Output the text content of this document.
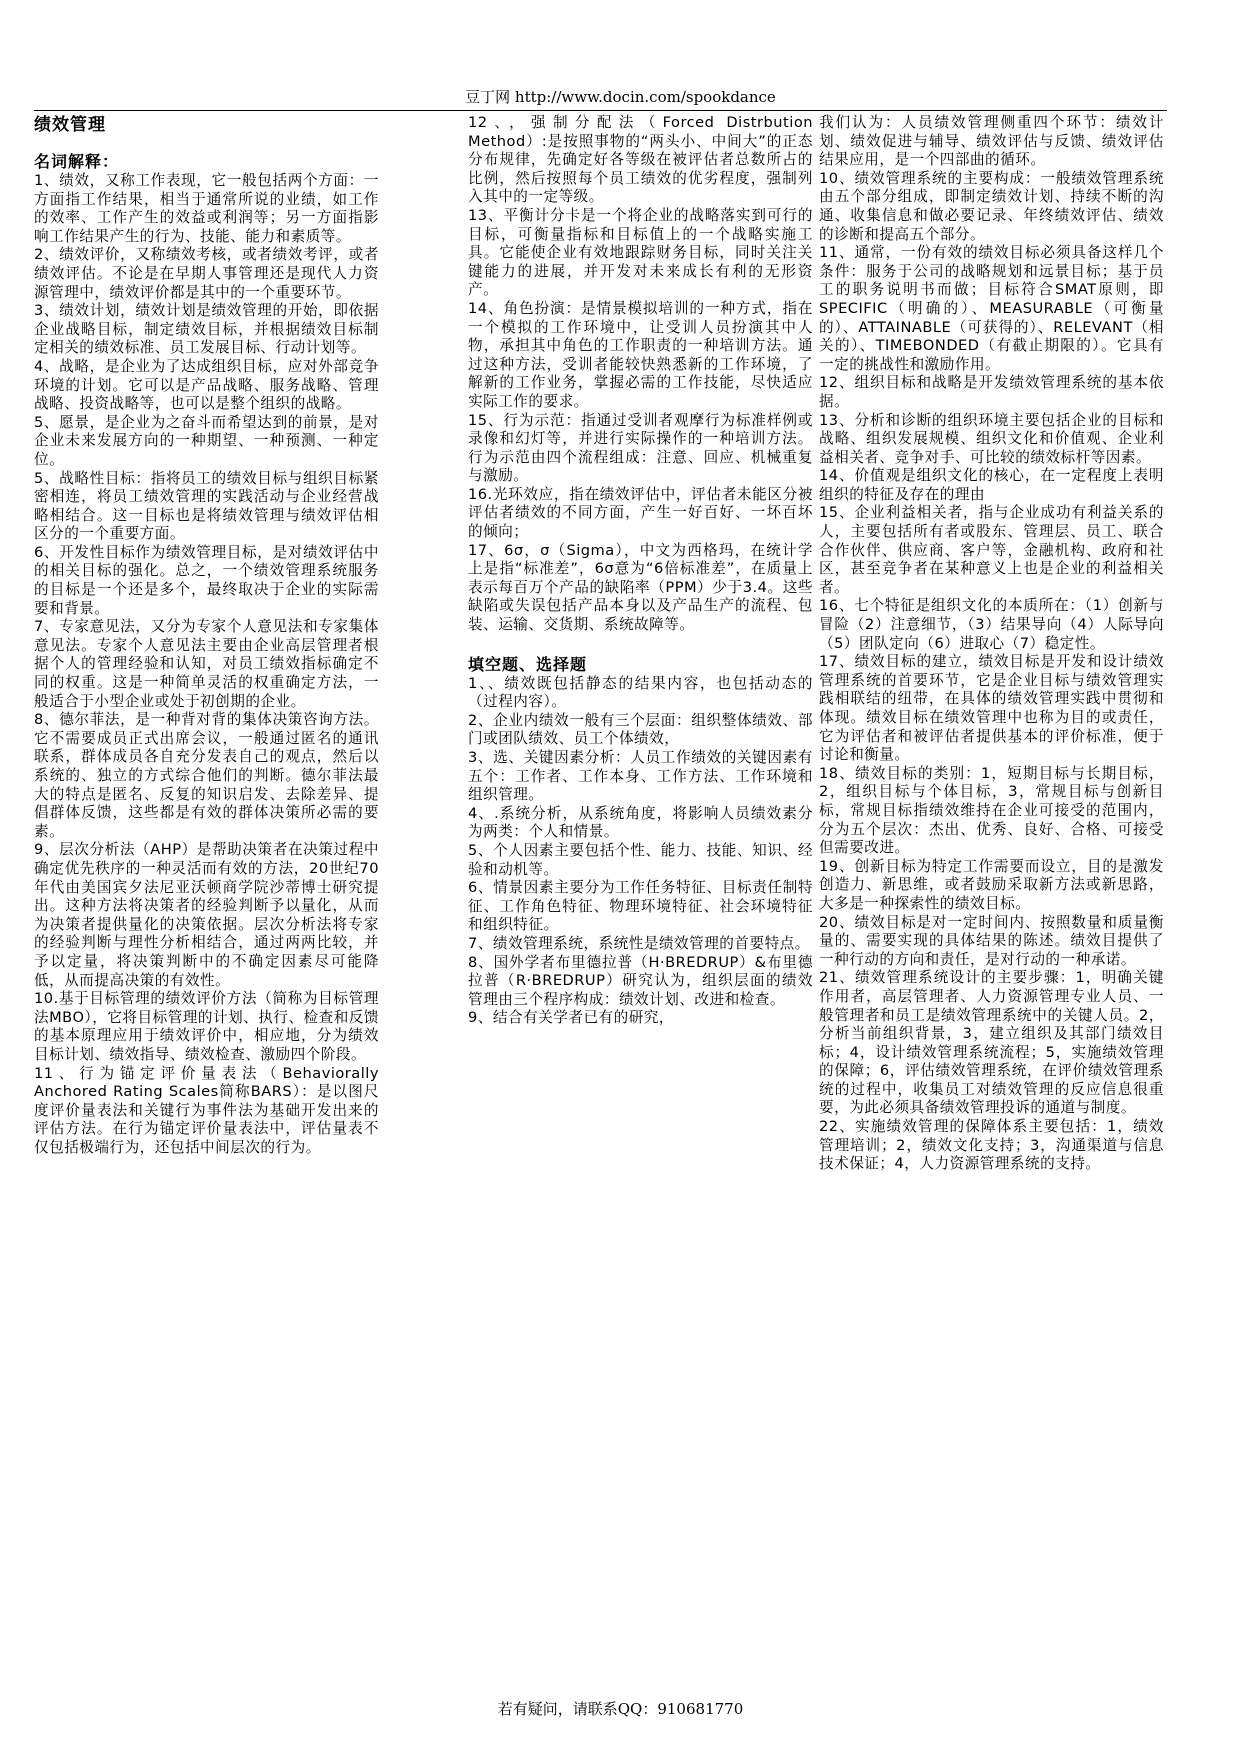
豆丁网 http://www.docin.com/spookdance
绩效管理
名词解释：

1、绩效，又称工作表现，它一般包括两个方面：一方面指工作结果，相当于通常所说的业绩，如工作的效率、工作产生的效益或利润等；另一方面指影响工作结果产生的行为、技能、能力和素质等。

2、绩效评价，又称绩效考核，或者绩效考评，或者绩效评估。不论是在早期人事管理还是现代人力资源管理中，绩效评价都是其中的一个重要环节。

3、绩效计划，绩效计划是绩效管理的开始，即依据企业战略目标，制定绩效目标，并根据绩效目标制定相关的绩效标准、员工发展目标、行动计划等。

4、战略，是企业为了达成组织目标，应对外部竞争环境的计划。它可以是产品战略、服务战略、管理战略、投资战略等，也可以是整个组织的战略。

5、愿景，是企业为之奋斗而希望达到的前景，是对企业未来发展方向的一种期望、一种预测、一种定位。

5、战略性目标：指将员工的绩效目标与组织目标紧密相连，将员工绩效管理的实践活动与企业经营战略相结合。这一目标也是将绩效管理与绩效评估相区分的一个重要方面。

6、开发性目标作为绩效管理目标，是对绩效评估中的相关目标的强化。总之，一个绩效管理系统服务的目标是一个还是多个，最终取决于企业的实际需要和背景。

7、专家意见法，又分为专家个人意见法和专家集体意见法。专家个人意见法主要由企业高层管理者根据个人的管理经验和认知，对员工绩效指标确定不同的权重。这是一种简单灵活的权重确定方法，一般适合于小型企业或处于初创期的企业。

8、德尔菲法，是一种背对背的集体决策咨询方法。它不需要成员正式出席会议，一般通过匿名的通讯联系，群体成员各自充分发表自己的观点，然后以系统的、独立的方式综合他们的判断。德尔菲法最大的特点是匿名、反复的知识启发、去除差异、提倡群体反馈，这些都是有效的群体决策所必需的要素。

9、层次分析法（AHP）是帮助决策者在决策过程中确定优先秩序的一种灵活而有效的方法，20世纪70年代由美国宾夕法尼亚沃顿商学院沙蒂博士研究提出。这种方法将决策者的经验判断予以量化，从而为决策者提供量化的决策依据。层次分析法将专家的经验判断与理性分析相结合，通过两两比较，并予以定量，将决策判断中的不确定因素尽可能降低，从而提高决策的有效性。

10.基于目标管理的绩效评价方法（简称为目标管理法MBO），它将目标管理的计划、执行、检查和反馈的基本原理应用于绩效评价中，相应地，分为绩效目标计划、绩效指导、绩效检查、激励四个阶段。

11、行为锚定评价量表法（Behaviorally Anchored Rating Scales简称BARS）：是以图尺度评价量表法和关键行为事件法为基础开发出来的评估方法。在行为锚定评价量表法中，评估量表不仅包括极端行为，还包括中间层次的行为。

12、，强制分配法（Forced Distrbution Method）:是按照事物的“两头小、中间大”的正态分布规律，先确定好各等级在被评估者总数所占的比例，然后按照每个员工绩效的优劣程度，强制列入其中的一定等级。

13、平衡计分卡是一个将企业的战略落实到可行的目标，可衡量指标和目标值上的一个战略实施工具。它能使企业有效地跟踪财务目标，同时关注关键能力的进展，并开发对未来成长有利的无形资产。

14、角色扮演：是情景模拟培训的一种方式，指在一个模拟的工作环境中，让受训人员扮演其中人物，承担其中角色的工作职责的一种培训方法。通过这种方法，受训者能较快熟悉新的工作环境，了解新的工作业务，掌握必需的工作技能，尽快适应实际工作的要求。

15、行为示范：指通过受训者观摩行为标准样例或录像和幻灯等，并进行实际操作的一种培训方法。行为示范由四个流程组成：注意、回应、机械重复与激励。

16.光环效应，指在绩效评估中，评估者未能区分被评估者绩效的不同方面，产生一好百好、一坏百坏的倾向；

17、6σ，σ（Sigma），中文为西格玛，在统计学上是指“标准差”，6σ意为“6倍标准差”，在质量上表示每百万个产品的缺陷率（PPM）少于3.4。这些缺陷或失误包括产品本身以及产品生产的流程、包装、运输、交货期、系统故障等。

填空题、选择题

1、、绩效既包括静态的结果内容，也包括动态的（过程内容）。

2、企业内绩效一般有三个层面：组织整体绩效、部门或团队绩效、员工个体绩效，

3、选、关键因素分析：人员工作绩效的关键因素有五个：工作者、工作本身、工作方法、工作环境和组织管理。

4、.系统分析，从系统角度，将影响人员绩效素分为两类：个人和情景。

5、个人因素主要包括个性、能力、技能、知识、经验和动机等。

6、情景因素主要分为工作任务特征、目标责任制特征、工作角色特征、物理环境特征、社会环境特征和组织特征。

7、绩效管理系统，系统性是绩效管理的首要特点。

8、国外学者布里德拉普（H·BREDRUP）&布里德拉普（R·BREDRUP）研究认为，组织层面的绩效管理由三个程序构成：绩效计划、改进和检查。

9、结合有关学者已有的研究，

我们认为：人员绩效管理侧重四个环节：绩效计划、绩效促进与辅导、绩效评估与反馈、绩效评估结果应用，是一个四部曲的循环。

10、绩效管理系统的主要构成：一般绩效管理系统由五个部分组成，即制定绩效计划、持续不断的沟通、收集信息和做必要记录、年终绩效评估、绩效的诊断和提高五个部分。

11、通常，一份有效的绩效目标必须具备这样几个条件：服务于公司的战略规划和远景目标；基于员工的职务说明书而做；目标符合SMAT原则，即SPECIFIC（明确的）、MEASURABLE（可衡量的）、ATTAINABLE（可获得的）、RELEVANT（相关的）、TIMEBONDED（有截止期限的）。它具有一定的挑战性和激励作用。

12、组织目标和战略是开发绩效管理系统的基本依据。

13、分析和诊断的组织环境主要包括企业的目标和战略、组织发展规模、组织文化和价值观、企业利益相关者、竞争对手、可比较的绩效标杆等因素。

14、价值观是组织文化的核心，在一定程度上表明组织的特征及存在的理由

15、企业利益相关者，指与企业成功有利益关系的人，主要包括所有者或股东、管理层、员工、联合合作伙伴、供应商、客户等，金融机构、政府和社区，甚至竞争者在某种意义上也是企业的利益相关者。

16、七个特征是组织文化的本质所在：（1）创新与冒险（2）注意细节，（3）结果导向（4）人际导向（5）团队定向（6）进取心（7）稳定性。

17、绩效目标的建立，绩效目标是开发和设计绩效管理系统的首要环节，它是企业目标与绩效管理实践相联结的纽带，在具体的绩效管理实践中贯彻和体现。绩效目标在绩效管理中也称为目的或责任，它为评估者和被评估者提供基本的评价标准，便于讨论和衡量。

18、绩效目标的类别：1，短期目标与长期目标，2，组织目标与个体目标，3，常规目标与创新目标，常规目标指绩效维持在企业可接受的范围内，分为五个层次：杰出、优秀、良好、合格、可接受但需要改进。

19、创新目标为特定工作需要而设立，目的是激发创造力、新思维，或者鼓励采取新方法或新思路，大多是一种探索性的绩效目标。

20、绩效目标是对一定时间内、按照数量和质量衡量的、需要实现的具体结果的陈述。绩效目提供了一种行动的方向和责任，是对行动的一种承诺。

21、绩效管理系统设计的主要步骤：1，明确关键作用者，高层管理者、人力资源管理专业人员、一般管理者和员工是绩效管理系统中的关键人员。2，分析当前组织背景，3，建立组织及其部门绩效目标；4，设计绩效管理系统流程；5，实施绩效管理的保障；6，评估绩效管理系统，在评价绩效管理系统的过程中，收集员工对绩效管理的反应信息很重要，为此必须具备绩效管理投诉的通道与制度。

22、实施绩效管理的保障体系主要包括：1，绩效管理培训；2，绩效文化支持；3，沟通渠道与信息技术保证；4，人力资源管理系统的支持。

若有疑问，请联系QQ：910681770
